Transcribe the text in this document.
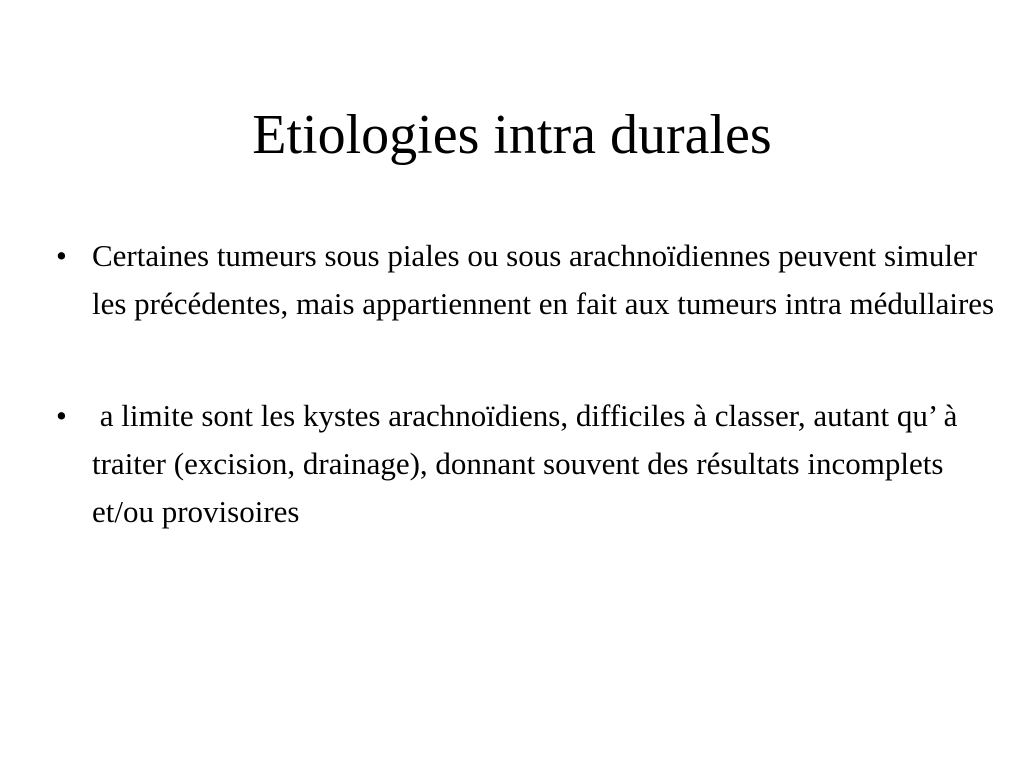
Etiologies intra durales
• Certaines tumeurs sous piales ou sous arachnoïdiennes peuvent simuler les précédentes, mais appartiennent en fait aux tumeurs intra médullaires
• a limite sont les kystes arachnoïdiens, difficiles à classer, autant qu’ à traiter (excision, drainage), donnant souvent des résultats incomplets et/ou provisoires
